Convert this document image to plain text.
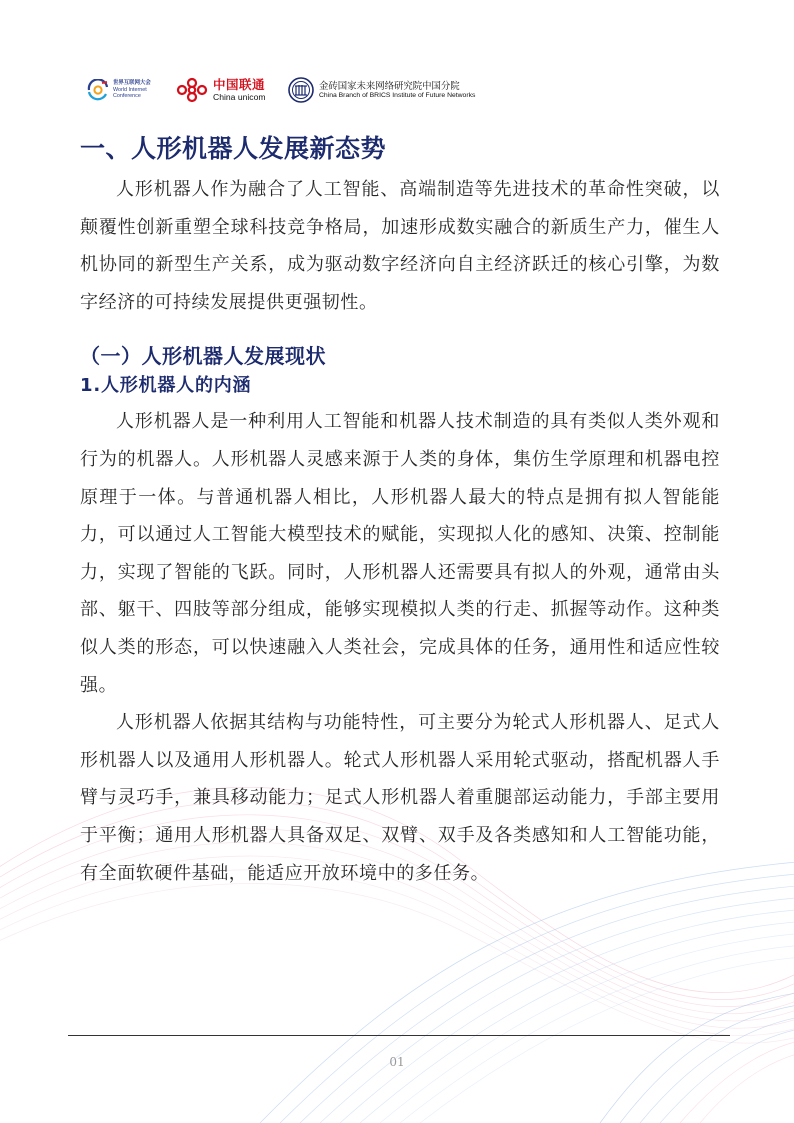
世界互联网大会
World Internet
Conference
中国联通
China unicom
金砖国家未来网络研究院中国分院
China Branch of BRICS Institute of Future Networks
一、人形机器人发展新态势

人形机器人作为融合了人工智能、高端制造等先进技术的革命性突破，以颠覆性创新重塑全球科技竞争格局，加速形成数实融合的新质生产力，催生人机协同的新型生产关系，成为驱动数字经济向自主经济跃迁的核心引擎，为数字经济的可持续发展提供更强韧性。

（一）人形机器人发展现状
1.人形机器人的内涵

人形机器人是一种利用人工智能和机器人技术制造的具有类似人类外观和行为的机器人。人形机器人灵感来源于人类的身体，集仿生学原理和机器电控原理于一体。与普通机器人相比，人形机器人最大的特点是拥有拟人智能能力，可以通过人工智能大模型技术的赋能，实现拟人化的感知、决策、控制能力，实现了智能的飞跃。同时，人形机器人还需要具有拟人的外观，通常由头部、躯干、四肢等部分组成，能够实现模拟人类的行走、抓握等动作。这种类似人类的形态，可以快速融入人类社会，完成具体的任务，通用性和适应性较强。

人形机器人依据其结构与功能特性，可主要分为轮式人形机器人、足式人形机器人以及通用人形机器人。轮式人形机器人采用轮式驱动，搭配机器人手臂与灵巧手，兼具移动能力；足式人形机器人着重腿部运动能力，手部主要用于平衡；通用人形机器人具备双足、双臂、双手及各类感知和人工智能功能，有全面软硬件基础，能适应开放环境中的多任务。

01
